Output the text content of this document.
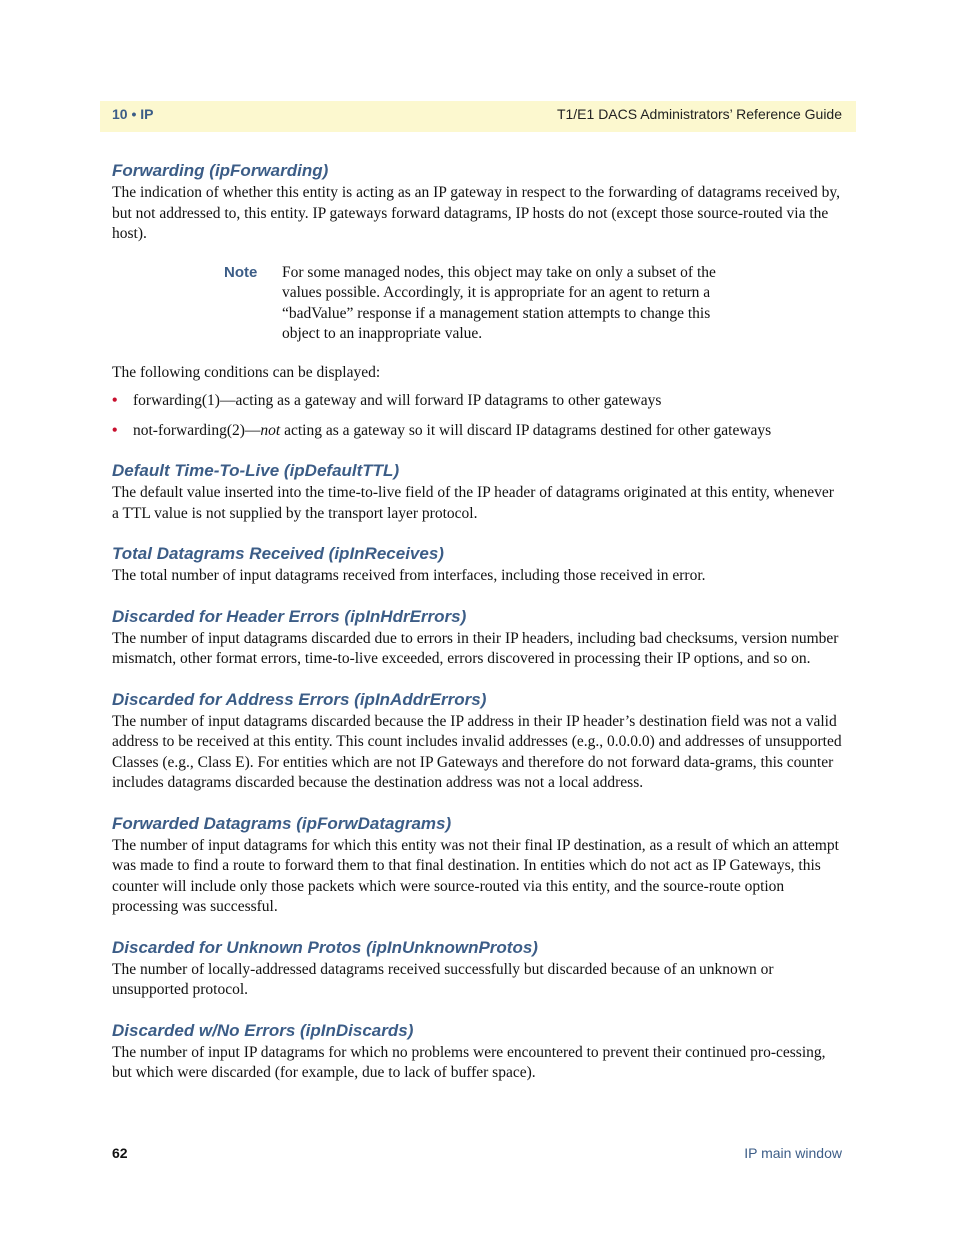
10 • IP	T1/E1 DACS Administrators’ Reference Guide
Forwarding (ipForwarding)

The indication of whether this entity is acting as an IP gateway in respect to the forwarding of datagrams received by, but not addressed to, this entity. IP gateways forward datagrams, IP hosts do not (except those source-routed via the host).

Note	For some managed nodes, this object may take on only a subset of the values possible. Accordingly, it is appropriate for an agent to return a “badValue” response if a management station attempts to change this object to an inappropriate value.

The following conditions can be displayed:

• forwarding(1)—acting as a gateway and will forward IP datagrams to other gateways
• not-forwarding(2)—not acting as a gateway so it will discard IP datagrams destined for other gateways
Default Time-To-Live (ipDefaultTTL)

The default value inserted into the time-to-live field of the IP header of datagrams originated at this entity, whenever a TTL value is not supplied by the transport layer protocol.

Total Datagrams Received (ipInReceives)

The total number of input datagrams received from interfaces, including those received in error.

Discarded for Header Errors (ipInHdrErrors)

The number of input datagrams discarded due to errors in their IP headers, including bad checksums, version number mismatch, other format errors, time-to-live exceeded, errors discovered in processing their IP options, and so on.

Discarded for Address Errors (ipInAddrErrors)

The number of input datagrams discarded because the IP address in their IP header’s destination field was not a valid address to be received at this entity. This count includes invalid addresses (e.g., 0.0.0.0) and addresses of unsupported Classes (e.g., Class E). For entities which are not IP Gateways and therefore do not forward data-grams, this counter includes datagrams discarded because the destination address was not a local address.

Forwarded Datagrams (ipForwDatagrams)

The number of input datagrams for which this entity was not their final IP destination, as a result of which an attempt was made to find a route to forward them to that final destination. In entities which do not act as IP Gateways, this counter will include only those packets which were source-routed via this entity, and the source-route option processing was successful.

Discarded for Unknown Protos (ipInUnknownProtos)

The number of locally-addressed datagrams received successfully but discarded because of an unknown or unsupported protocol.

Discarded w/No Errors (ipInDiscards)

The number of input IP datagrams for which no problems were encountered to prevent their continued pro-cessing, but which were discarded (for example, due to lack of buffer space).

62	IP main window
